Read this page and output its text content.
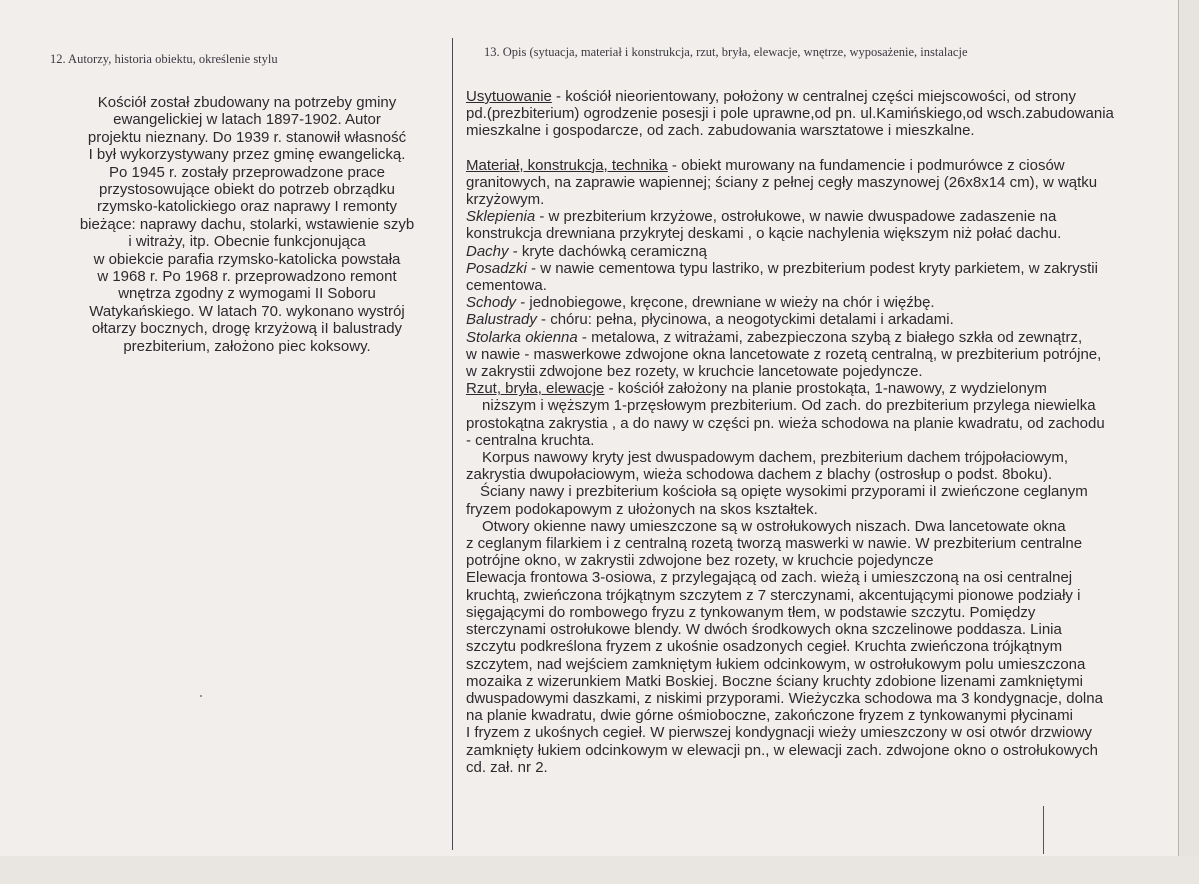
12. Autorzy, historia obiektu, określenie stylu	13. Opis (sytuacja, materiał i konstrukcja, rzut, bryła, elewacje, wnętrze, wyposażenie, instalacje
Kościół został zbudowany na potrzeby gminy
ewangelickiej w latach 1897-1902. Autor
projektu nieznany. Do 1939 r. stanowił własność
I był wykorzystywany przez gminę ewangelicką.
Po 1945 r. zostały przeprowadzone prace
przystosowujące obiekt do potrzeb obrządku
rzymsko-katolickiego oraz naprawy I remonty
bieżące: naprawy dachu, stolarki, wstawienie szyb
i witraży, itp. Obecnie funkcjonująca
w obiekcie parafia rzymsko-katolicka powstała
w 1968 r. Po 1968 r. przeprowadzono remont
wnętrza zgodny z wymogami II Soboru
Watykańskiego. W latach 70. wykonano wystrój
ołtarzy bocznych, drogę krzyżową iI balustrady
prezbiterium, założono piec koksowy.
Usytuowanie - kościół nieorientowany, położony w centralnej części miejscowości, od strony
pd.(prezbiterium) ogrodzenie posesji i pole uprawne,od pn. ul.Kamińskiego,od wsch.zabudowania
mieszkalne i gospodarcze, od zach. zabudowania warsztatowe i mieszkalne.
Materiał, konstrukcja, technika - obiekt murowany na fundamencie i podmurówce z ciosów
granitowych, na zaprawie wapiennej; ściany z pełnej cegły maszynowej (26x8x14 cm), w wątku
krzyżowym.
Sklepienia - w prezbiterium krzyżowe, ostrołukowe, w nawie dwuspadowe zadaszenie na
konstrukcja drewniana przykrytej deskami , o kącie nachylenia większym niż połać dachu.
Dachy - kryte dachówką ceramiczną
Posadzki - w nawie cementowa typu lastriko, w prezbiterium podest kryty parkietem, w zakrystii
cementowa.
Schody - jednobiegowe, kręcone, drewniane w wieży na chór i więźbę.
Balustrady - chóru: pełna, płycinowa, a neogotyckimi detalami i arkadami.
Stolarka okienna - metalowa, z witrażami, zabezpieczona szybą z białego szkła od zewnątrz,
w nawie - maswerkowe zdwojone okna lancetowate z rozetą centralną, w prezbiterium potrójne,
w zakrystii zdwojone bez rozety, w kruchcie lancetowate pojedyncze.
Rzut, bryła, elewacje - kościół założony na planie prostokąta, 1-nawowy, z wydzielonym
niższym i węższym 1-przęsłowym prezbiterium. Od zach. do prezbiterium przylega niewielka
prostokątna zakrystia , a do nawy w części pn. wieża schodowa na planie kwadratu, od zachodu
- centralna kruchta.
Korpus nawowy kryty jest dwuspadowym dachem, prezbiterium dachem trójpołaciowym,
zakrystia dwupołaciowym, wieża schodowa dachem z blachy (ostrosłup o podst. 8boku).
Ściany nawy i prezbiterium kościoła są opięte wysokimi przyporami iI zwieńczone ceglanym
fryzem podokapowym z ułożonych na skos kształtek.
Otwory okienne nawy umieszczone są w ostrołukowych niszach. Dwa lancetowate okna
z ceglanym filarkiem i z centralną rozetą tworzą maswerki w nawie. W prezbiterium centralne
potrójne okno, w zakrystii zdwojone bez rozety, w kruchcie pojedyncze
Elewacja frontowa 3-osiowa, z przylegającą od zach. wieżą i umieszczoną na osi centralnej
kruchtą, zwieńczona trójkątnym szczytem z 7 sterczynami, akcentującymi pionowe podziały i
sięgającymi do rombowego fryzu z tynkowanym tłem, w podstawie szczytu. Pomiędzy
sterczynami ostrołukowe blendy. W dwóch środkowych okna szczelinowe poddasza. Linia
szczytu podkreślona fryzem z ukośnie osadzonych cegieł. Kruchta zwieńczona trójkątnym
szczytem, nad wejściem zamkniętym łukiem odcinkowym, w ostrołukowym polu umieszczona
mozaika z wizerunkiem Matki Boskiej. Boczne ściany kruchty zdobione lizenami zamkniętymi
dwuspadowymi daszkami, z niskimi przyporami. Wieżyczka schodowa ma 3 kondygnacje, dolna
na planie kwadratu, dwie górne ośmioboczne, zakończone fryzem z tynkowanymi płycinami
I fryzem z ukośnych cegieł. W pierwszej kondygnacji wieży umieszczony w osi otwór drzwiowy
zamknięty łukiem odcinkowym w elewacji pn., w elewacji zach. zdwojone okno o ostrołukowych
cd. zał. nr 2.
